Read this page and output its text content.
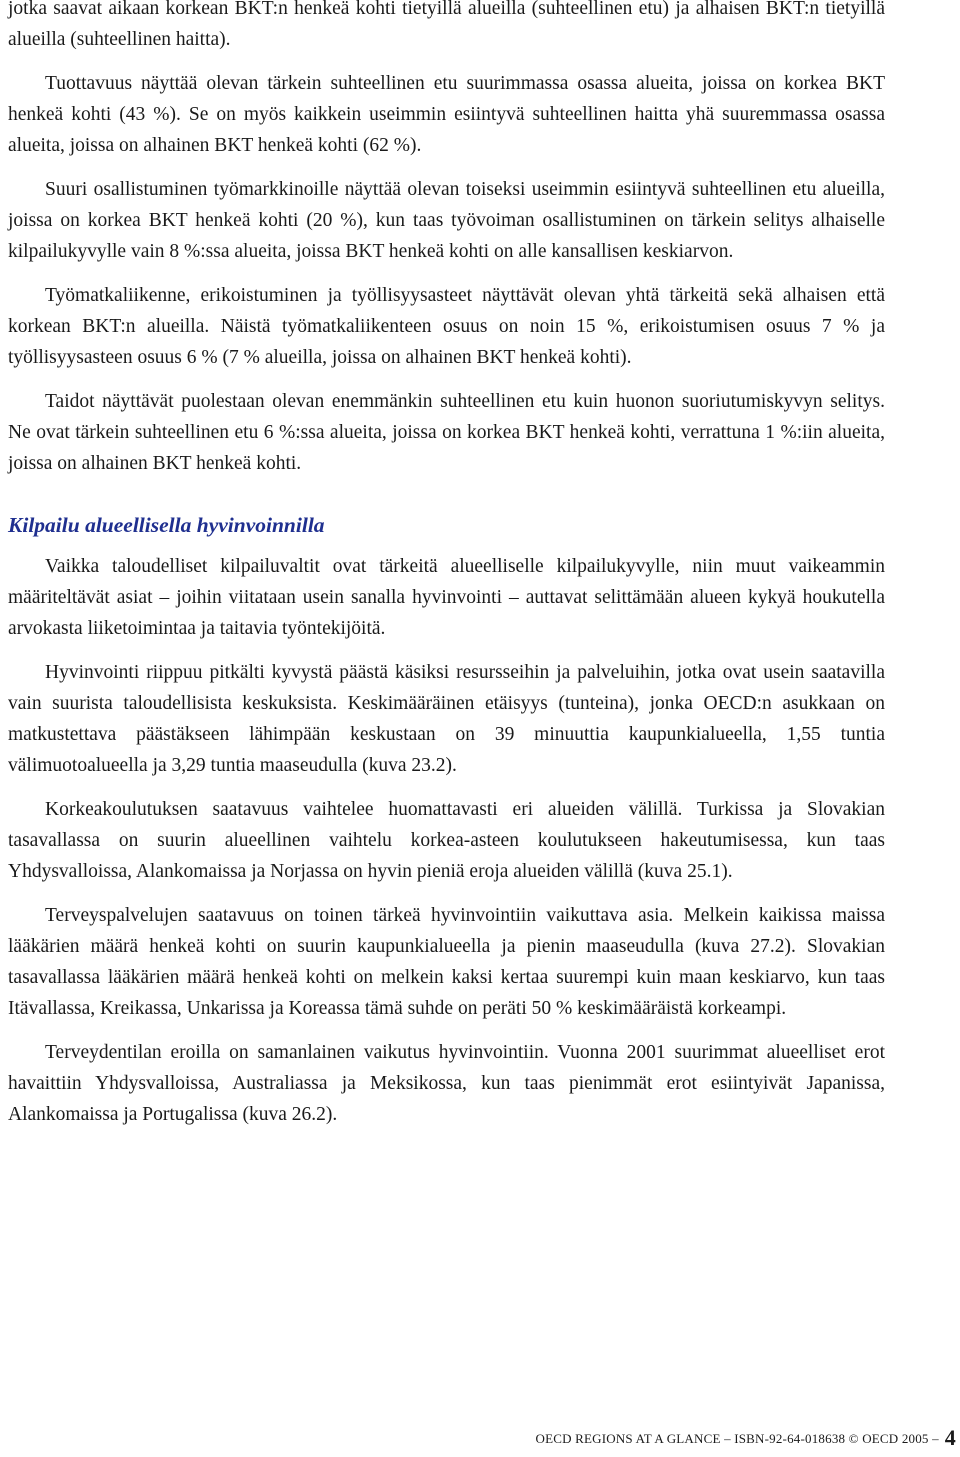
jotka saavat aikaan korkean BKT:n henkeä kohti tietyillä alueilla (suhteellinen etu) ja alhaisen BKT:n tietyillä alueilla (suhteellinen haitta).

Tuottavuus näyttää olevan tärkein suhteellinen etu suurimmassa osassa alueita, joissa on korkea BKT henkeä kohti (43 %). Se on myös kaikkein useimmin esiintyvä suhteellinen haitta yhä suuremmassa osassa alueita, joissa on alhainen BKT henkeä kohti (62 %).

Suuri osallistuminen työmarkkinoille näyttää olevan toiseksi useimmin esiintyvä suhteellinen etu alueilla, joissa on korkea BKT henkeä kohti (20 %), kun taas työvoiman osallistuminen on tärkein selitys alhaiselle kilpailukyvylle vain 8 %:ssa alueita, joissa BKT henkeä kohti on alle kansallisen keskiarvon.

Työmatkaliikenne, erikoistuminen ja työllisyysasteet näyttävät olevan yhtä tärkeitä sekä alhaisen että korkean BKT:n alueilla. Näistä työmatkaliikenteen osuus on noin 15 %, erikoistumisen osuus 7 % ja työllisyysasteen osuus 6 % (7 % alueilla, joissa on alhainen BKT henkeä kohti).

Taidot näyttävät puolestaan olevan enemmänkin suhteellinen etu kuin huonon suoriutumiskyvyn selitys. Ne ovat tärkein suhteellinen etu 6 %:ssa alueita, joissa on korkea BKT henkeä kohti, verrattuna 1 %:iin alueita, joissa on alhainen BKT henkeä kohti.

Kilpailu alueellisella hyvinvoinnilla

Vaikka taloudelliset kilpailuvaltit ovat tärkeitä alueelliselle kilpailukyvylle, niin muut vaikeammin määriteltävät asiat – joihin viitataan usein sanalla hyvinvointi – auttavat selittämään alueen kykyä houkutella arvokasta liiketoimintaa ja taitavia työntekijöitä.

Hyvinvointi riippuu pitkälti kyvystä päästä käsiksi resursseihin ja palveluihin, jotka ovat usein saatavilla vain suurista taloudellisista keskuksista. Keskimääräinen etäisyys (tunteina), jonka OECD:n asukkaan on matkustettava päästäkseen lähimpään keskustaan on 39 minuuttia kaupunkialueella, 1,55 tuntia välimuotoalueella ja 3,29 tuntia maaseudulla (kuva 23.2).

Korkeakoulutuksen saatavuus vaihtelee huomattavasti eri alueiden välillä. Turkissa ja Slovakian tasavallassa on suurin alueellinen vaihtelu korkea-asteen koulutukseen hakeutumisessa, kun taas Yhdysvalloissa, Alankomaissa ja Norjassa on hyvin pieniä eroja alueiden välillä (kuva 25.1).

Terveyspalvelujen saatavuus on toinen tärkeä hyvinvointiin vaikuttava asia. Melkein kaikissa maissa lääkärien määrä henkeä kohti on suurin kaupunkialueella ja pienin maaseudulla (kuva 27.2). Slovakian tasavallassa lääkärien määrä henkeä kohti on melkein kaksi kertaa suurempi kuin maan keskiarvo, kun taas Itävallassa, Kreikassa, Unkarissa ja Koreassa tämä suhde on peräti 50 % keskimääräistä korkeampi.

Terveydentilan eroilla on samanlainen vaikutus hyvinvointiin. Vuonna 2001 suurimmat alueelliset erot havaittiin Yhdysvalloissa, Australiassa ja Meksikossa, kun taas pienimmät erot esiintyivät Japanissa, Alankomaissa ja Portugalissa (kuva 26.2).

OECD REGIONS AT A GLANCE – ISBN-92-64-018638 © OECD 2005 – 4
